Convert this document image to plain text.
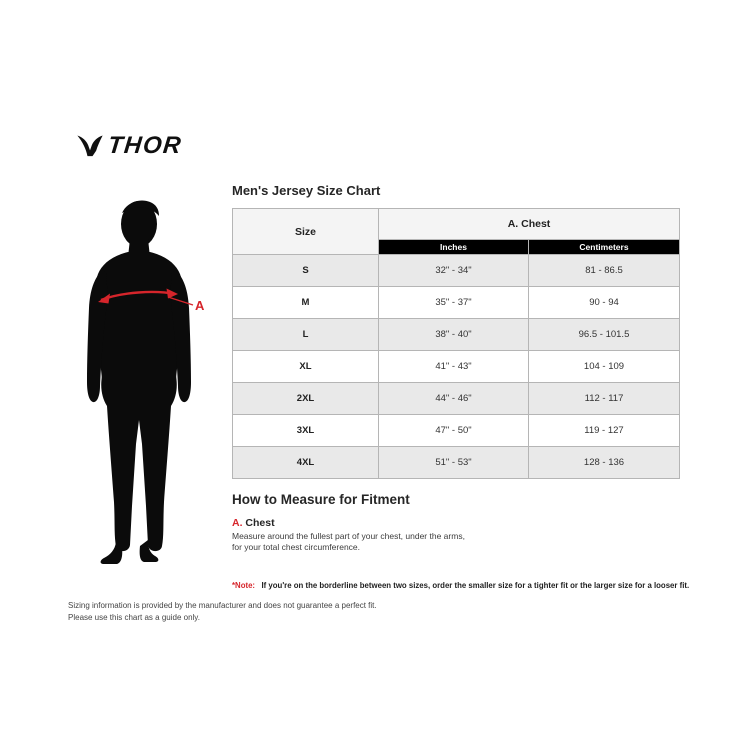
THOR
Men's Jersey Size Chart
A
Size	A. Chest	
	Inches	Centimeters
S	32" - 34"	81 - 86.5
M	35" - 37"	90 - 94
L	38" - 40"	96.5 - 101.5
XL	41" - 43"	104 - 109
2XL	44" - 46"	112 - 117
3XL	47" - 50"	119 - 127
4XL	51" - 53"	128 - 136
How to Measure for Fitment

A. Chest

Measure around the fullest part of your chest, under the arms, for your total chest circumference.

*Note: If you're on the borderline between two sizes, order the smaller size for a tighter fit or the larger size for a looser fit.

Sizing information is provided by the manufacturer and does not guarantee a perfect fit.
Please use this chart as a guide only.
